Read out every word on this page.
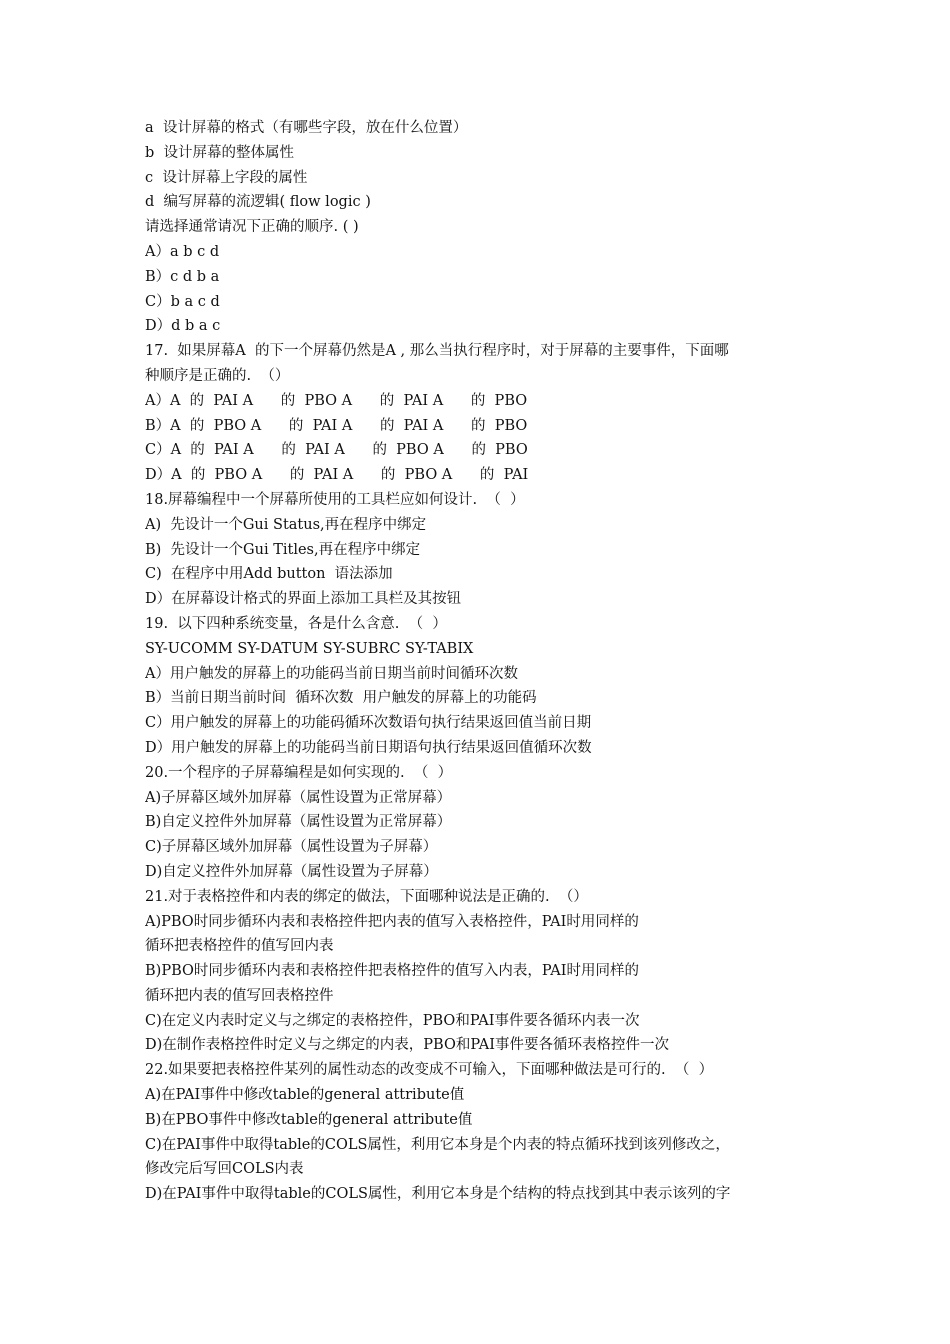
a  设计屏幕的格式（有哪些字段，放在什么位置）
b  设计屏幕的整体属性
c  设计屏幕上字段的属性
d  编写屏幕的流逻辑( flow logic )
请选择通常请况下正确的顺序. ( )
A）a b c d
B）c d b a
C）b a c d
D）d b a c
17.  如果屏幕A  的下一个屏幕仍然是A , 那么当执行程序时，对于屏幕的主要事件，下面哪
种顺序是正确的.  （）
A）A  的  PAI A      的  PBO A      的  PAI A      的  PBO
B）A  的  PBO A      的  PAI A      的  PAI A      的  PBO
C）A  的  PAI A      的  PAI A      的  PBO A      的  PBO
D）A  的  PBO A      的  PAI A      的  PBO A      的  PAI
18.屏幕编程中一个屏幕所使用的工具栏应如何设计.  （  ）
A)  先设计一个Gui Status,再在程序中绑定
B)  先设计一个Gui Titles,再在程序中绑定
C)  在程序中用Add button  语法添加
D）在屏幕设计格式的界面上添加工具栏及其按钮
19.  以下四种系统变量，各是什么含意.  （  ）
SY-UCOMM SY-DATUM SY-SUBRC SY-TABIX
A）用户触发的屏幕上的功能码当前日期当前时间循环次数
B）当前日期当前时间  循环次数  用户触发的屏幕上的功能码
C）用户触发的屏幕上的功能码循环次数语句执行结果返回值当前日期
D）用户触发的屏幕上的功能码当前日期语句执行结果返回值循环次数
20.一个程序的子屏幕编程是如何实现的.  （  ）
A)子屏幕区域外加屏幕（属性设置为正常屏幕）
B)自定义控件外加屏幕（属性设置为正常屏幕）
C)子屏幕区域外加屏幕（属性设置为子屏幕）
D)自定义控件外加屏幕（属性设置为子屏幕）
21.对于表格控件和内表的绑定的做法，下面哪种说法是正确的.  （）
A)PBO时同步循环内表和表格控件把内表的值写入表格控件，PAI时用同样的
循环把表格控件的值写回内表
B)PBO时同步循环内表和表格控件把表格控件的值写入内表，PAI时用同样的
循环把内表的值写回表格控件
C)在定义内表时定义与之绑定的表格控件，PBO和PAI事件要各循环内表一次
D)在制作表格控件时定义与之绑定的内表，PBO和PAI事件要各循环表格控件一次
22.如果要把表格控件某列的属性动态的改变成不可输入，下面哪种做法是可行的.  （  ）
A)在PAI事件中修改table的general attribute值
B)在PBO事件中修改table的general attribute值
C)在PAI事件中取得table的COLS属性，利用它本身是个内表的特点循环找到该列修改之，
修改完后写回COLS内表
D)在PAI事件中取得table的COLS属性，利用它本身是个结构的特点找到其中表示该列的字
